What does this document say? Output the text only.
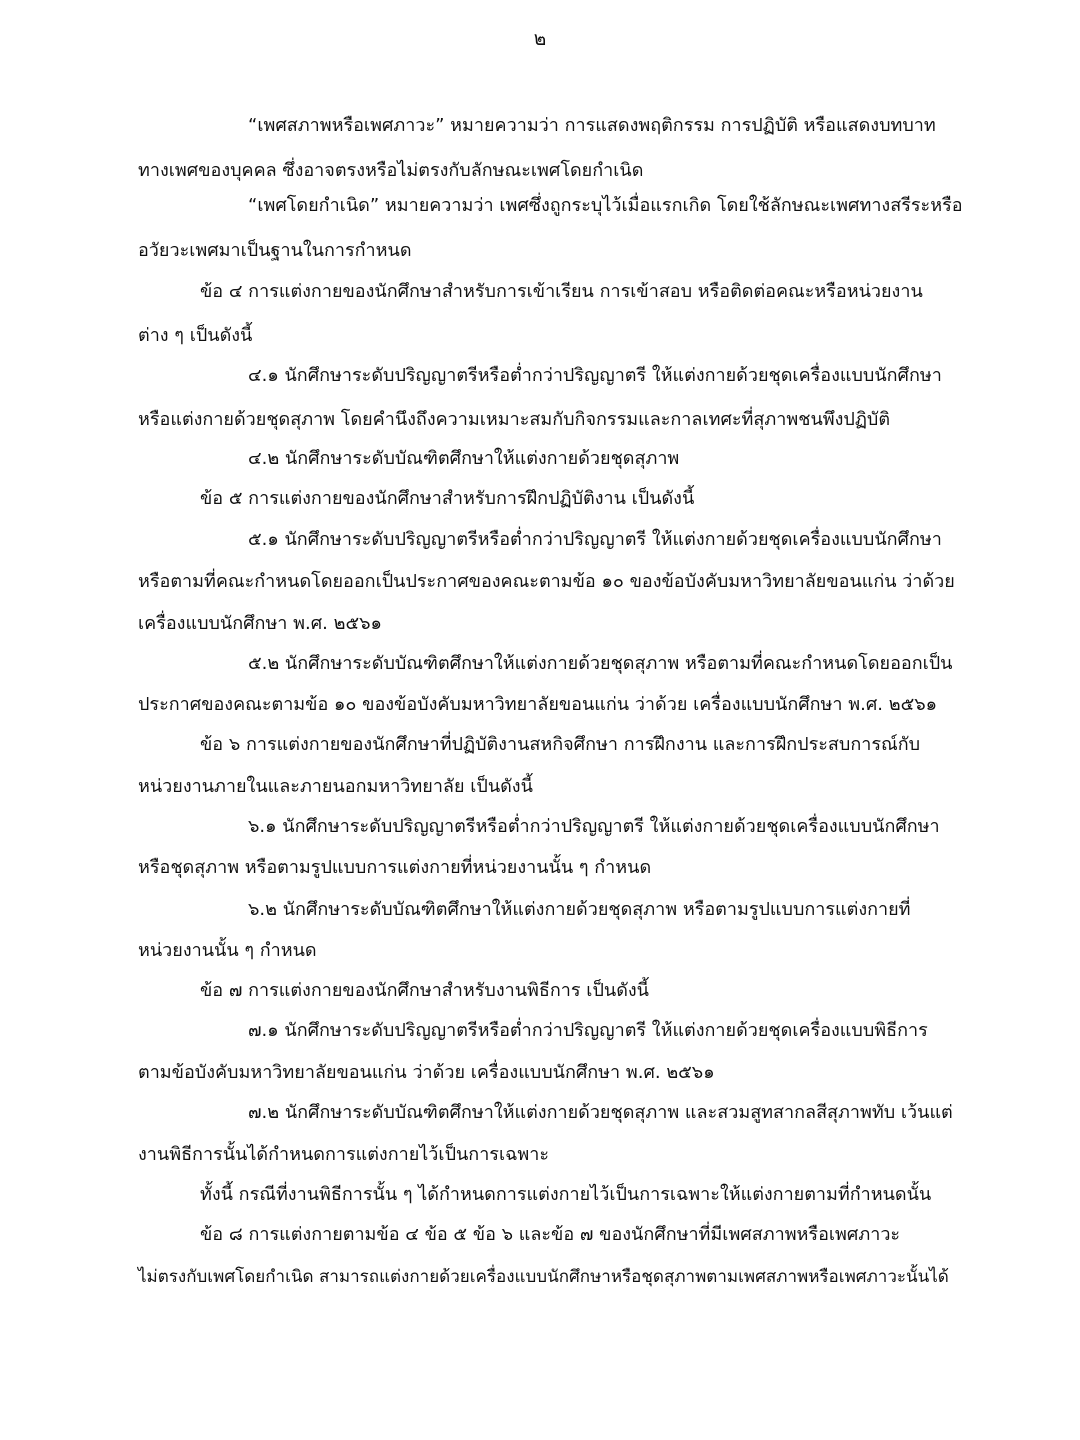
๒
“เพศสภาพหรือเพศภาวะ” หมายความว่า การแสดงพฤติกรรม การปฏิบัติ หรือแสดงบทบาท
ทางเพศของบุคคล ซึ่งอาจตรงหรือไม่ตรงกับลักษณะเพศโดยกำเนิด
“เพศโดยกำเนิด” หมายความว่า เพศซึ่งถูกระบุไว้เมื่อแรกเกิด โดยใช้ลักษณะเพศทางสรีระหรือ
อวัยวะเพศมาเป็นฐานในการกำหนด
ข้อ ๔ การแต่งกายของนักศึกษาสำหรับการเข้าเรียน การเข้าสอบ หรือติดต่อคณะหรือหน่วยงาน
ต่าง ๆ เป็นดังนี้
๔.๑ นักศึกษาระดับปริญญาตรีหรือต่ำกว่าปริญญาตรี ให้แต่งกายด้วยชุดเครื่องแบบนักศึกษา
หรือแต่งกายด้วยชุดสุภาพ โดยคำนึงถึงความเหมาะสมกับกิจกรรมและกาลเทศะที่สุภาพชนพึงปฏิบัติ
๔.๒ นักศึกษาระดับบัณฑิตศึกษาให้แต่งกายด้วยชุดสุภาพ
ข้อ ๕ การแต่งกายของนักศึกษาสำหรับการฝึกปฏิบัติงาน เป็นดังนี้
๕.๑ นักศึกษาระดับปริญญาตรีหรือต่ำกว่าปริญญาตรี ให้แต่งกายด้วยชุดเครื่องแบบนักศึกษา
หรือตามที่คณะกำหนดโดยออกเป็นประกาศของคณะตามข้อ ๑๐ ของข้อบังคับมหาวิทยาลัยขอนแก่น ว่าด้วย
เครื่องแบบนักศึกษา พ.ศ. ๒๕๖๑
๕.๒ นักศึกษาระดับบัณฑิตศึกษาให้แต่งกายด้วยชุดสุภาพ หรือตามที่คณะกำหนดโดยออกเป็น
ประกาศของคณะตามข้อ ๑๐ ของข้อบังคับมหาวิทยาลัยขอนแก่น ว่าด้วย เครื่องแบบนักศึกษา พ.ศ. ๒๕๖๑
ข้อ ๖ การแต่งกายของนักศึกษาที่ปฏิบัติงานสหกิจศึกษา การฝึกงาน และการฝึกประสบการณ์กับ
หน่วยงานภายในและภายนอกมหาวิทยาลัย เป็นดังนี้
๖.๑ นักศึกษาระดับปริญญาตรีหรือต่ำกว่าปริญญาตรี ให้แต่งกายด้วยชุดเครื่องแบบนักศึกษา
หรือชุดสุภาพ หรือตามรูปแบบการแต่งกายที่หน่วยงานนั้น ๆ กำหนด
๖.๒ นักศึกษาระดับบัณฑิตศึกษาให้แต่งกายด้วยชุดสุภาพ หรือตามรูปแบบการแต่งกายที่
หน่วยงานนั้น ๆ กำหนด
ข้อ ๗ การแต่งกายของนักศึกษาสำหรับงานพิธีการ เป็นดังนี้
๗.๑ นักศึกษาระดับปริญญาตรีหรือต่ำกว่าปริญญาตรี ให้แต่งกายด้วยชุดเครื่องแบบพิธีการ
ตามข้อบังคับมหาวิทยาลัยขอนแก่น ว่าด้วย เครื่องแบบนักศึกษา พ.ศ. ๒๕๖๑
๗.๒ นักศึกษาระดับบัณฑิตศึกษาให้แต่งกายด้วยชุดสุภาพ และสวมสูทสากลสีสุภาพทับ เว้นแต่
งานพิธีการนั้นได้กำหนดการแต่งกายไว้เป็นการเฉพาะ
ทั้งนี้ กรณีที่งานพิธีการนั้น ๆ ได้กำหนดการแต่งกายไว้เป็นการเฉพาะให้แต่งกายตามที่กำหนดนั้น
ข้อ ๘ การแต่งกายตามข้อ ๔ ข้อ ๕ ข้อ ๖ และข้อ ๗ ของนักศึกษาที่มีเพศสภาพหรือเพศภาวะ
ไม่ตรงกับเพศโดยกำเนิด สามารถแต่งกายด้วยเครื่องแบบนักศึกษาหรือชุดสุภาพตามเพศสภาพหรือเพศภาวะนั้นได้
